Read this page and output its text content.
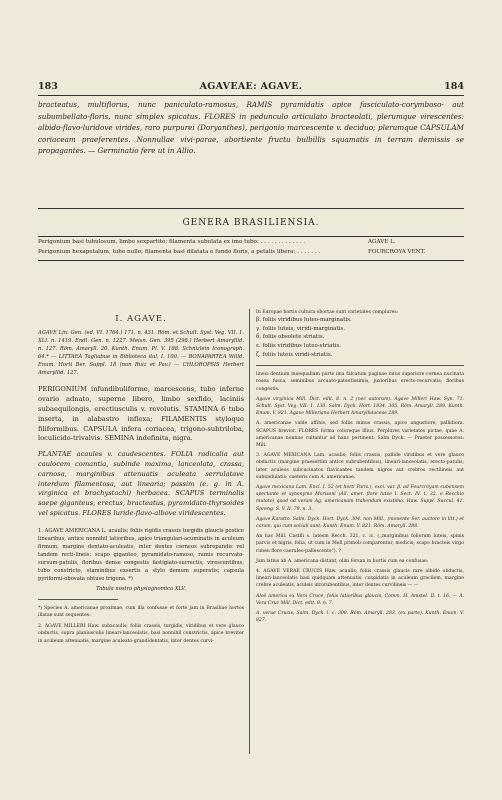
183	AGAVEAE: AGAVE.	184
bracteatus, multiflorus, nunc paniculato-ramosus, RAMIS pyramidatis apice fasciculato-corymboso- aut subumbellato-floris, nunc simplex spicatus. FLORES in pedunculo articulato bracteolati, plerumque virescentes: albido-flavo-luridove virides, raro purpurei (Doryanthes), perigonio marcescente v. deciduo; plerumque CAPSULAM coriaceam praeferentes. Nonnullae vivi-parae, abortiente fructu bulbillis squamatis in terram demissis se propagantes. — Germinatio fere ut in Allio.
GENERA BRASILIENSIA.
Perigonium basi tubulosum, limbo sexpartito; filamenta subulata ex imo tubo: . . . . . . . . . . . . .	AGAVE L.
Perigonium hexapetalum, tubo nullo; filamenta basi dilatata e fundo floris, a petalis libera: . . . . . . .	FOURCROYA VENT.
I. AGAVE.

AGAVE Lin. Gen. (ed. VI. 1764.) 171. n. 431. Röm. et Schult. Syst. Veg. VII. 1. XLI. n. 1419. Endl. Gen. n. 1227. Meisn. Gen. 395 (298.) Herbert Amaryllid. n. 127. Röm. Amaryll. 20. Kunth. Enum. Pl. V. 188. Schnizlein Iconograph. 64.* — LITTAEA Tagliabue in Biblioteca ital. I. 100. — BONAPARTEA Willd. Enum. Horti Ber. Suppl. 18 (non Ruiz et Pav.) — CHLOROPSIS Herbert Amaryllid. 127.

PERIGONIUM infundibuliforme, marcescens, tubo inferne ovario adnato, superne libero, limbo sexfido, laciniis subaequilongis, erectiusculis v. revolutis. STAMINA 6 tubo inserta, in alabastro inflexa; FILAMENTIS styloque filiformibus. CAPSULA infera coriacea, trigono-subtriloba, loculicido-trivalvis. SEMINA indefinita, nigra.

PLANTAE acaules v. caudescentes. FOLIA radicalia aut caulocem comantia, subinde maxima, lanceolata, crassa, carnosa, marginibus attenuatis aculeata serrulatave interdum filamentosa, aut linearia; passim (e. g. in A. virginica et brachystachi) herbacea. SCAPUS terminalis saepe giganteus, erectus, bracteatus, pyramidato-thyrsoides vel spicatus. FLORES luride-flavo-albove viridescentes.

1. AGAVE AMERICANA L. acaulis; foliis rigidis crassis turgidis glaucis postice linearibus, antice nonnihil latioribus, apice triangulari-acuminatis in aculeum firmum, margine dentato-aculeatis, inter dentes corneos subrepandis vel tandem recti-lineis; scapo giganteo, pyramidato-ramoso, ramis recurvato-sursum-patulis, floribus dense congestis fastigiato-surrectis, virescentibus, tubo constricto, staminibus exsertis a stylo demum superatis; capsula pyriformi-obovata obtuse trigona. *)

Tabula nostra physiognomica XLV.

*) Species A. americanae proximae, cum illa confusae et forte jam in Brasiliae hortos illatae sunt sequentes:

2. AGAVE MILLERI Haw. subacaulis; foliis crassis, turgidis, viridibus et vere glauco obductis, supra planiusculis lineari-lanceolatis, basi nonnihil constrictis, apice breviter in aculeum attenuatis, margine aculeato-grandidentatis, inter dentes curvi-

In Europae hortis cultura obortae sunt varietates complures:

β. foliis viridibus luteo-marginatis.

γ. foliis luteis, viridi-marginatis.

δ. foliis obsolete striatis.

ε. foliis viridibus luteo-striatis.

ζ. foliis luteis viridi-striatis.

lineis dentium inaequalium parte ima falcatum paginae intus superiore cornea nucinata rosea fusca, seminibus arcuato-patentissimis, juxioribus erecto-recurvatis; floribus congestis.

Agave virginica Mill. Dict. edit. 8. n. 2 (nec autorum). Agave Milleri Haw. Syn. 71. Schult. Syst. Veg. VII. 1. 130. Salm. Dyck. Hort. 1834. 305. Röm. Amaryll. 289. Kunth. Enum. V. 821. Agave Milleriana Herbert Amaryllidaceae 289.

A. americanae valde affinis, sed foliis minus crassis, apice angustiore, pallidiora. SCAPUS brevior. FLORES forma coloreque illius. Perplures varietates pictae, quae A. americanae nonnue cultantur ad hanc pertinent: Salm Dyck. — Praeter possessores: Mill.

3. AGAVE MEXICANA Lam. acaulis; foliis crassis, pallide viridibus et vere glauco obductis (margine praesertim antice subrubentibus), lineari-lanceolatis, erecto-patulis, inter aculeos subcucinatos flavicantes tandem nigros aut crebros rectilineis aut subundulatis; caeteris cum A. americanae.

Agave mexicana Lam. Encl. I. 52 (et horti Paris.), exci. var. β. ad Fourcroyam cubensem spectante et synonymo Morisoni (Ail. amer. flore lutee l. Sect. IV. t. 32. e Recchio mutato) quod ad veram Ag. americanam trahendum existimo. Haw. Suppl. Succul. 41. Spreng. S. V. II. 79. n. 3.

Agave Karatto. Salm. Dyck. Hort. Dyck. 304. non Mill., (monente Ser. auctore in litt.) et coram, qui cum sociali sunt: Kunth. Enum. V. 821. Röm. Amaryll. 288.

An hac Mill. Castili s. latesm Recch. 321. c. ic. (,,marginibus foliorum luteis, spinis parvis et nigris, folia, ut cum in Mell primoli comparentur, modicis; scapo bracteis virgo ruben flore caeruleo-pallescente"). ?

Jam latius ab A. americana distant, olim forsan in hortis cum ea confusae:

4. AGAVE VERAE CRUCIS Haw. acaulis; foliis crassis glaucis rare albido obductis, lineari-lanceolatis basi quidquam attenuatis, cuspidatis in aculeum gracilem, margine crebre aculeatis, aculeis utrorubentibus, inter dentes curvilineis — —

Aloë america ex Vera Cruce, foliis latioribus glaucis, Comm. H. Amstel. II. t. 16. — A. Vera Cruz Mill. Dict. edit. 8. n. 7.

A. verae Crucis, Salm. Dyck. l. c. 308. Röm. Amaryll. 283. (ex parte). Kunth. Enum. V. 827.
